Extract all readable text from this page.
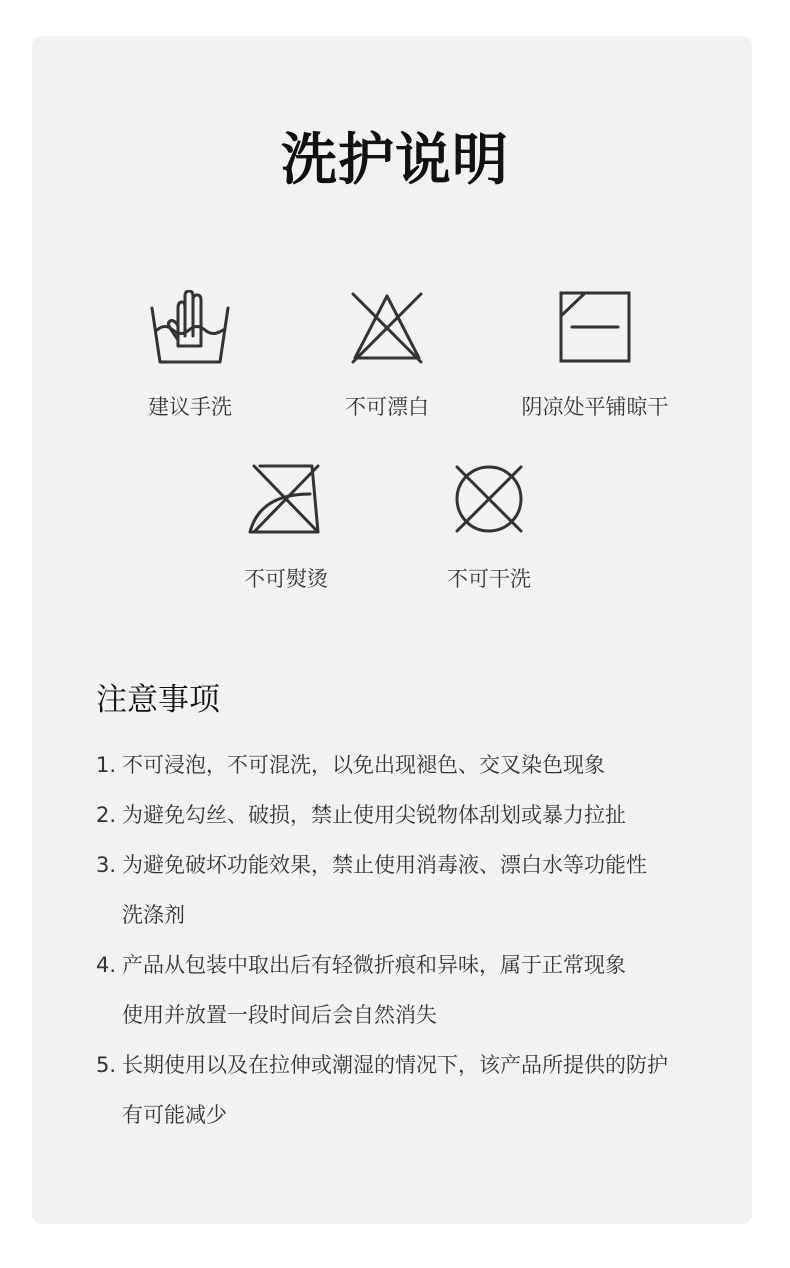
洗护说明
建议手洗	不可漂白	阴凉处平铺晾干
不可熨烫	不可干洗
注意事项
1. 不可浸泡，不可混洗，以免出现褪色、交叉染色现象
2. 为避免勾丝、破损，禁止使用尖锐物体刮划或暴力拉扯
3. 为避免破坏功能效果，禁止使用消毒液、漂白水等功能性
洗涤剂
4. 产品从包装中取出后有轻微折痕和异味，属于正常现象
使用并放置一段时间后会自然消失
5. 长期使用以及在拉伸或潮湿的情况下，该产品所提供的防护
有可能减少
